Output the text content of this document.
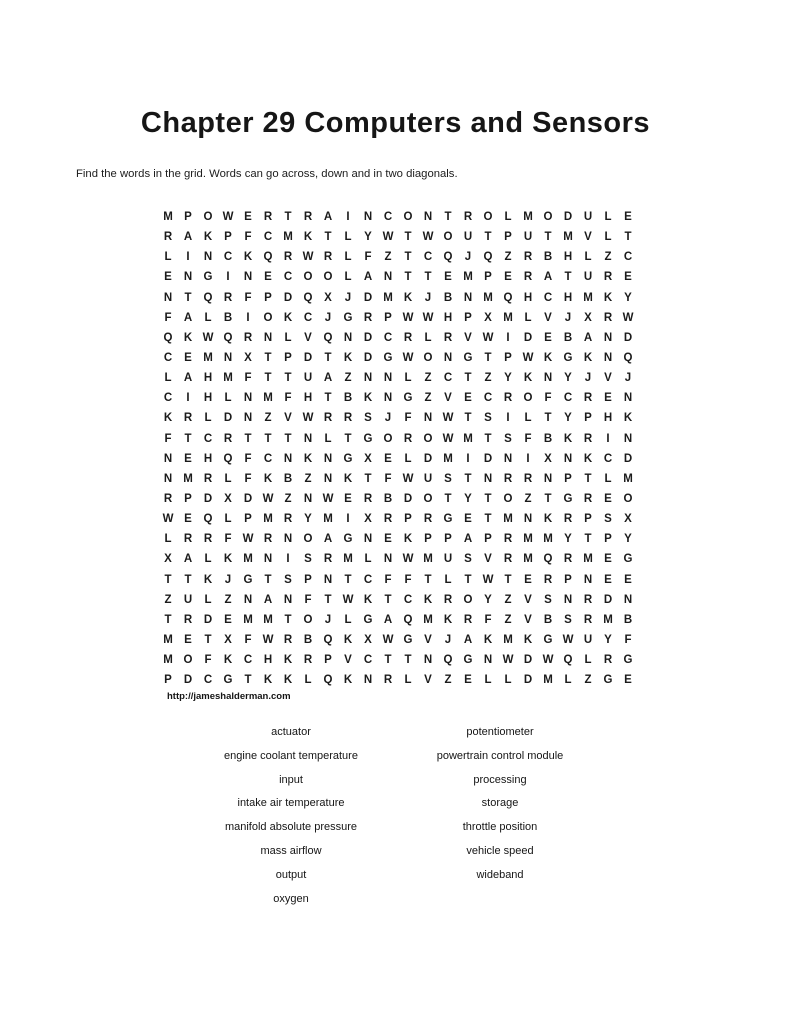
Chapter 29 Computers and Sensors
Find the words in the grid. Words can go across, down and in two diagonals.
M P	O W E	R	T	R	A	I	N	C O N	T	R O	L	M O D	U	L	E
R	A	K	P	F	C M K	T	L	Y W T W O U	T	P	U	T	M V	L	T
L	I	N	C	K Q R W R	L	F	Z	T	C Q	J	Q	Z	R	B	H	L	Z	C
E	N G	I	N	E	C O O	L	A	N	T	T	E M P	E	R	A	T	U	R	E
N	T	Q R	F	P	D Q	X	J	D M K	J	B	N M Q H	C	H M K	Y
F	A	L	B	I	O K	C	J	G R	P W W H	P	X M	L	V	J	X	R W
Q K W Q R	N	L	V	Q N	D	C	R	L	R	V W	I	D	E	B	A	N	D
C	E M N	X	T	P	D	T	K	D G W O N G	T	P W K G K	N Q
L	A	H M	F	T	T	U	A	Z	N	N	L	Z	C	T	Z	Y	K	N	Y	J	V	J
C	I	H	L	N M	F	H	T	B	K	N G	Z	V	E	C	R O	F	C	R	E	N
K	R	L	D	N	Z	V W R	R	S	J	F	N W T	S	I	L	T	Y	P	H	K
F	T	C	R	T	T	T	N	L	T	G O R O W M	T	S	F	B	K	R	I	N
N	E	H Q	F	C	N	K	N G	X	E	L	D M	I	D	N	I	X	N	K	C	D
N M R	L	F	K	B	Z	N	K	T	F W U	S	T	N	R	R	N	P	T	L	M
R	P	D	X	D W Z	N W E	R	B	D O	T	Y	T	O	Z	T	G R	E	O
W E	Q	L	P M R	Y M	I	X	R	P	R G	E	T	M N	K	R	P	S	X
L	R	R	F W R	N O A G N	E	K	P	P	A	P	R M M Y	T	P	Y
X	A	L	K M N	I	S	R M	L	N W M U	S	V	R M Q R M E	G
T	T	K	J	G	T	S	P	N	T	C	F	F	T	L	T W T	E	R	P	N	E	E
Z	U	L	Z	N	A	N	F	T W K	T	C	K	R O	Y	Z	V	S	N	R	D	N
T	R	D	E M M	T	O	J	L	G A Q M K	R	F	Z	V	B	S	R M B
M E	T	X	F W R	B Q K	X W G	V	J	A	K M K G W U	Y	F
M O	F	K	C	H	K	R	P	V	C	T	T	N Q G N W D W Q	L	R G
P	D	C G	T	K	K	L	Q K	N	R	L	V	Z	E	L	L	D M	L	Z	G	E
http://jameshalderman.com
actuator
engine coolant temperature
input
intake air temperature
manifold absolute pressure
mass airflow
output
oxygen
potentiometer
powertrain control module
processing
storage
throttle position
vehicle speed
wideband
